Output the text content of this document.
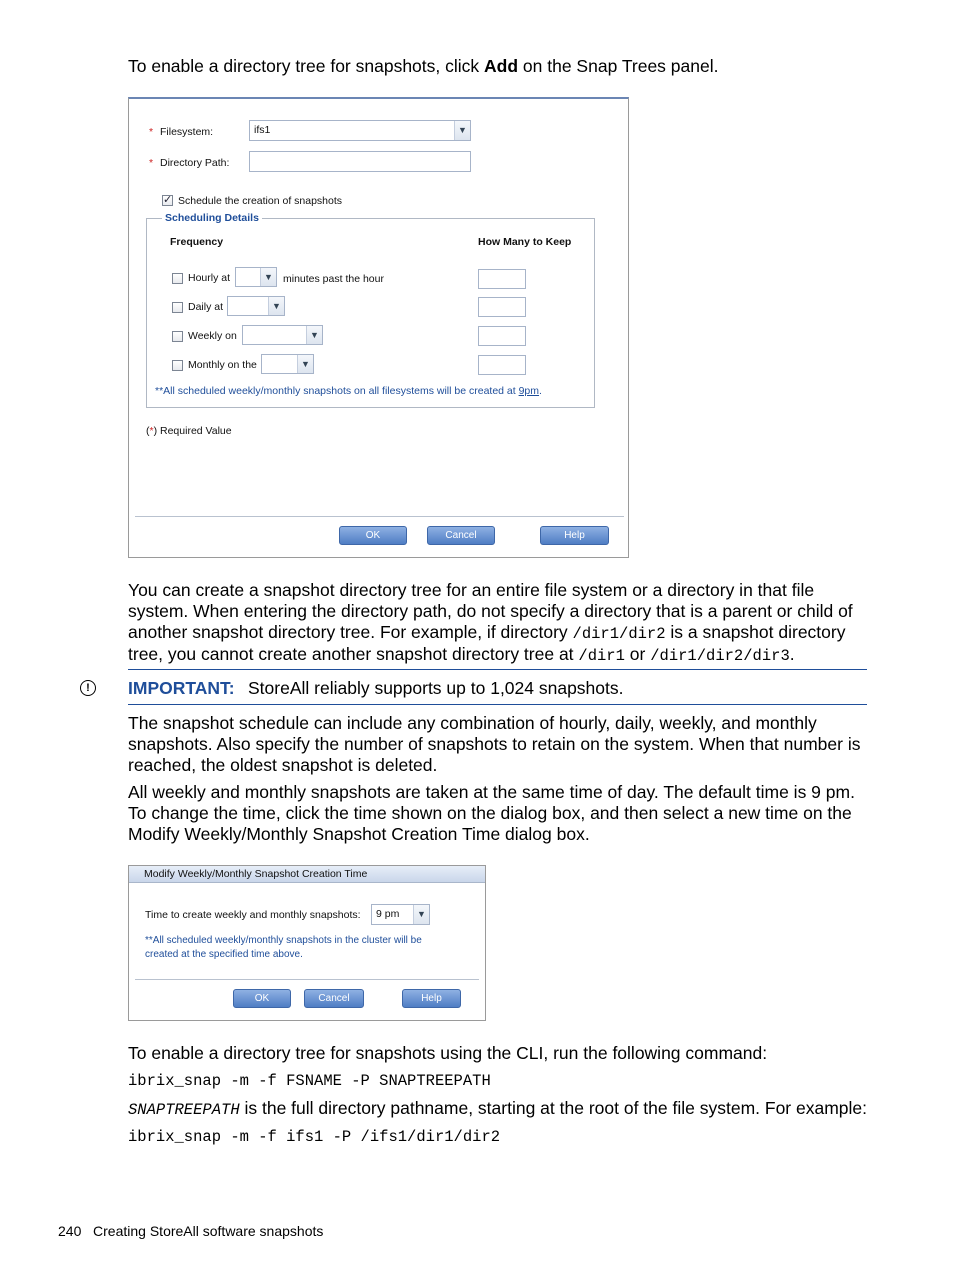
To enable a directory tree for snapshots, click Add on the Snap Trees panel.
* Filesystem:	ifs1	▼
* Directory Path:
✓
Schedule the creation of snapshots
Scheduling Details
Frequency	How Many to Keep
Hourly at	▼ minutes past the hour
Daily at	▼
Weekly on	▼
Monthly on the	▼
**All scheduled weekly/monthly snapshots on all filesystems will be created at 9pm.
(*) Required Value
OK	Cancel	Help
You can create a snapshot directory tree for an entire file system or a directory in that file system. When entering the directory path, do not specify a directory that is a parent or child of another snapshot directory tree. For example, if directory /dir1/dir2 is a snapshot directory tree, you cannot create another snapshot directory tree at /dir1 or /dir1/dir2/dir3.
!	IMPORTANT: StoreAll reliably supports up to 1,024 snapshots.
The snapshot schedule can include any combination of hourly, daily, weekly, and monthly snapshots. Also specify the number of snapshots to retain on the system. When that number is reached, the oldest snapshot is deleted.
All weekly and monthly snapshots are taken at the same time of day. The default time is 9 pm. To change the time, click the time shown on the dialog box, and then select a new time on the Modify Weekly/Monthly Snapshot Creation Time dialog box.
Modify Weekly/Monthly Snapshot Creation Time
Time to create weekly and monthly snapshots: 9 pm	▼
**All scheduled weekly/monthly snapshots in the cluster will be
created at the specified time above.
OK	Cancel	Help
To enable a directory tree for snapshots using the CLI, run the following command:
ibrix_snap -m -f FSNAME -P SNAPTREEPATH
SNAPTREEPATH is the full directory pathname, starting at the root of the file system. For example:
ibrix_snap -m -f ifs1 -P /ifs1/dir1/dir2
240 Creating StoreAll software snapshots
